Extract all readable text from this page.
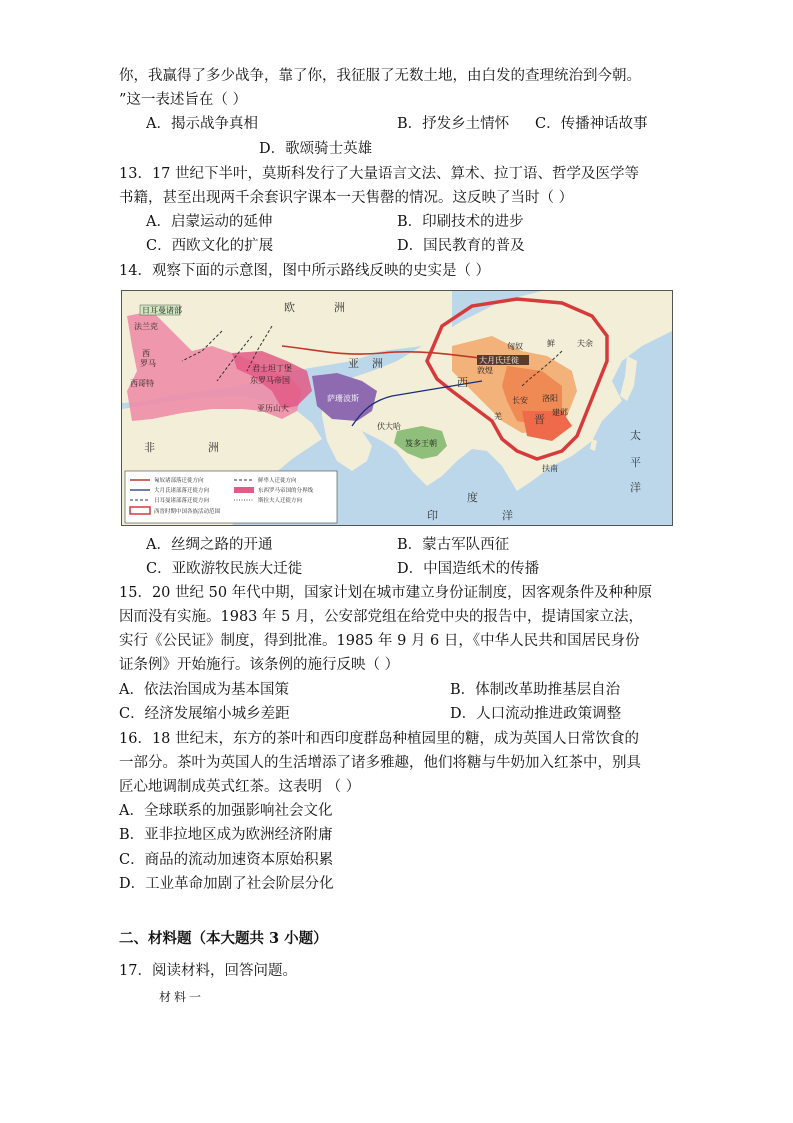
你，我赢得了多少战争，靠了你，我征服了无数土地，由白发的查理统治到今朝。
”这一表述旨在（ ）
A．揭示战争真相	B．抒发乡土情怀 C．传播神话故事
D．歌颂骑士英雄
13．17 世纪下半叶，莫斯科发行了大量语言文法、算术、拉丁语、哲学及医学等
书籍，甚至出现两千余套识字课本一天售罄的情况。这反映了当时（ ）
A．启蒙运动的延伸	B．印刷技术的进步
C．西欧文化的扩展	D．国民教育的普及
14．观察下面的示意图，图中所示路线反映的史实是（ ）
欧	洲
亚 洲
非	洲
太
平
洋
印
度
洋
西
罗马
法兰克
西哥特
日耳曼诸部
君士坦丁堡
东罗马帝国
亚历山大
萨珊波斯
笈多王朝
伏大哈
西
晋
敦煌
长安 洛阳
建邺
夫余
鲜
匈奴
大月氏迁徙
羌
扶南
匈奴诸部落迁徙方向
大月氏诸部落迁徙方向
日耳曼诸部落迁徙方向
西晋时期中国各族活动范围
鲜卑人迁徙方向
东西罗马帝国的分界线
斯拉夫人迁徙方向
A．丝绸之路的开通	B．蒙古军队西征
C．亚欧游牧民族大迁徙	D．中国造纸术的传播
15．20 世纪 50 年代中期，国家计划在城市建立身份证制度，因客观条件及种种原
因而没有实施。1983 年 5 月，公安部党组在给党中央的报告中，提请国家立法，
实行《公民证》制度，得到批准。1985 年 9 月 6 日，《中华人民共和国居民身份
证条例》开始施行。该条例的施行反映（ ）
A．依法治国成为基本国策	B．体制改革助推基层自治
C．经济发展缩小城乡差距	D．人口流动推进政策调整
16．18 世纪末，东方的茶叶和西印度群岛种植园里的糖，成为英国人日常饮食的
一部分。茶叶为英国人的生活增添了诸多雅趣，他们将糖与牛奶加入红茶中，别具
匠心地调制成英式红茶。这表明 （ ）
A．全球联系的加强影响社会文化
B．亚非拉地区成为欧洲经济附庸
C．商品的流动加速资本原始积累
D．工业革命加剧了社会阶层分化
二、材料题（本大题共 3 小题）
17．阅读材料，回答问题。
材料一
